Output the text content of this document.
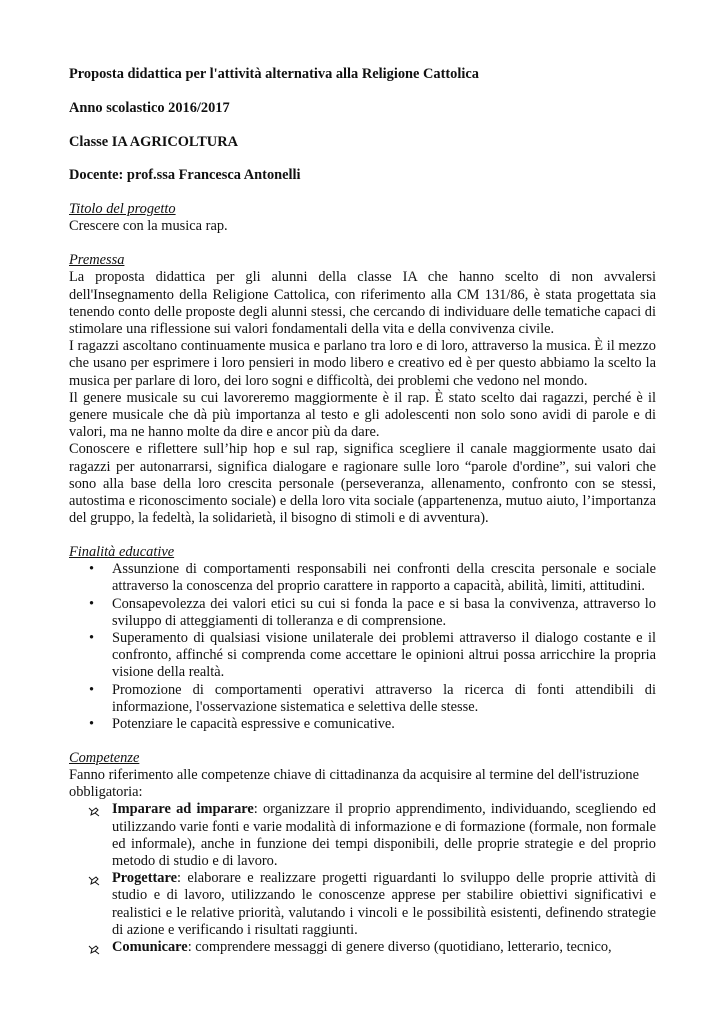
Proposta didattica per l'attività alternativa alla Religione Cattolica

Anno scolastico 2016/2017

Classe IA AGRICOLTURA

Docente: prof.ssa Francesca Antonelli

Titolo del progetto

Crescere con la musica rap.

Premessa

La proposta didattica per gli alunni della classe IA che hanno scelto di non avvalersi dell'Insegnamento della Religione Cattolica, con riferimento alla CM 131/86, è stata progettata sia tenendo conto delle proposte degli alunni stessi, che cercando di individuare delle tematiche capaci di stimolare una riflessione sui valori fondamentali della vita e della convivenza civile.

I ragazzi ascoltano continuamente musica e parlano tra loro e di loro, attraverso la musica. È il mezzo che usano per esprimere i loro pensieri in modo libero e creativo ed è per questo abbiamo la scelto la musica per parlare di loro, dei loro sogni e difficoltà, dei problemi che vedono nel mondo.

Il genere musicale su cui lavoreremo maggiormente è il rap. È stato scelto dai ragazzi, perché è il genere musicale che dà più importanza al testo e gli adolescenti non solo sono avidi di parole e di valori, ma ne hanno molte da dire e ancor più da dare.

Conoscere e riflettere sull’hip hop e sul rap, significa scegliere il canale maggiormente usato dai ragazzi per autonarrarsi, significa dialogare e ragionare sulle loro “parole d'ordine”, sui valori che sono alla base della loro crescita personale (perseveranza, allenamento, confronto con se stessi, autostima e riconoscimento sociale) e della loro vita sociale (appartenenza, mutuo aiuto, l’importanza del gruppo, la fedeltà, la solidarietà, il bisogno di stimoli e di avventura).

Finalità educative

• Assunzione di comportamenti responsabili nei confronti della crescita personale e sociale attraverso la conoscenza del proprio carattere in rapporto a capacità, abilità, limiti, attitudini.
• Consapevolezza dei valori etici su cui si fonda la pace e si basa la convivenza, attraverso lo sviluppo di atteggiamenti di tolleranza e di comprensione.
• Superamento di qualsiasi visione unilaterale dei problemi attraverso il dialogo costante e il confronto, affinché si comprenda come accettare le opinioni altrui possa arricchire la propria visione della realtà.
• Promozione di comportamenti operativi attraverso la ricerca di fonti attendibili di informazione, l'osservazione sistematica e selettiva delle stesse.
• Potenziare le capacità espressive e comunicative.

Competenze

Fanno riferimento alle competenze chiave di cittadinanza da acquisire al termine del dell'istruzione obbligatoria:

Imparare ad imparare: organizzare il proprio apprendimento, individuando, scegliendo ed utilizzando varie fonti e varie modalità di informazione e di formazione (formale, non formale ed informale), anche in funzione dei tempi disponibili, delle proprie strategie e del proprio metodo di studio e di lavoro.
Progettare: elaborare e realizzare progetti riguardanti lo sviluppo delle proprie attività di studio e di lavoro, utilizzando le conoscenze apprese per stabilire obiettivi significativi e realistici e le relative priorità, valutando i vincoli e le possibilità esistenti, definendo strategie di azione e verificando i risultati raggiunti.
Comunicare: comprendere messaggi di genere diverso (quotidiano, letterario, tecnico,
